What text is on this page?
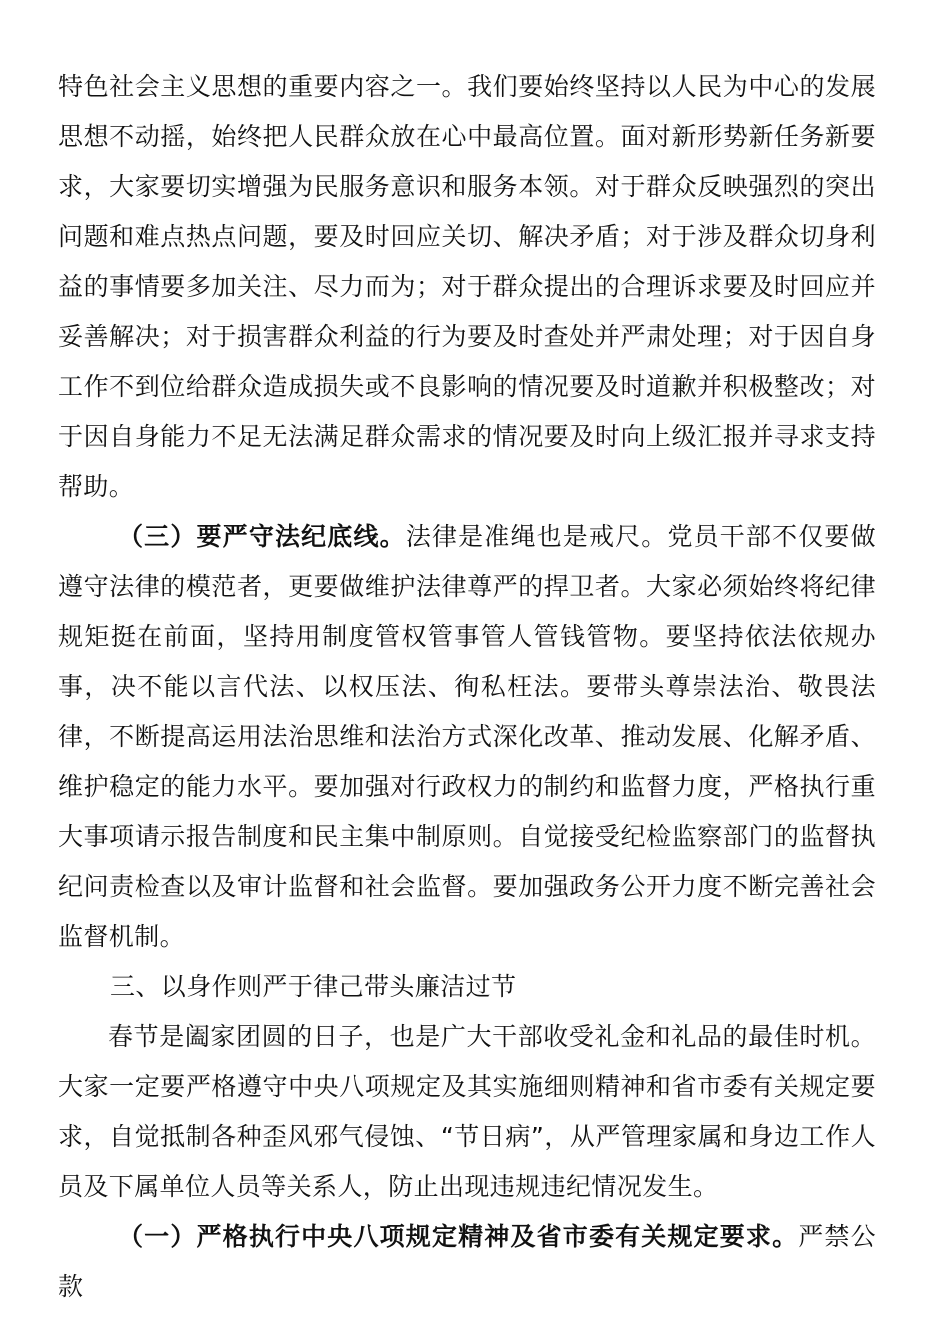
特色社会主义思想的重要内容之一。我们要始终坚持以人民为中心的发展思想不动摇，始终把人民群众放在心中最高位置。面对新形势新任务新要求，大家要切实增强为民服务意识和服务本领。对于群众反映强烈的突出问题和难点热点问题，要及时回应关切、解决矛盾；对于涉及群众切身利益的事情要多加关注、尽力而为；对于群众提出的合理诉求要及时回应并妥善解决；对于损害群众利益的行为要及时查处并严肃处理；对于因自身工作不到位给群众造成损失或不良影响的情况要及时道歉并积极整改；对于因自身能力不足无法满足群众需求的情况要及时向上级汇报并寻求支持帮助。

（三）要严守法纪底线。法律是准绳也是戒尺。党员干部不仅要做遵守法律的模范者，更要做维护法律尊严的捍卫者。大家必须始终将纪律规矩挺在前面，坚持用制度管权管事管人管钱管物。要坚持依法依规办事，决不能以言代法、以权压法、徇私枉法。要带头尊崇法治、敬畏法律，不断提高运用法治思维和法治方式深化改革、推动发展、化解矛盾、维护稳定的能力水平。要加强对行政权力的制约和监督力度，严格执行重大事项请示报告制度和民主集中制原则。自觉接受纪检监察部门的监督执纪问责检查以及审计监督和社会监督。要加强政务公开力度不断完善社会监督机制。

三、以身作则严于律己带头廉洁过节

春节是阖家团圆的日子，也是广大干部收受礼金和礼品的最佳时机。大家一定要严格遵守中央八项规定及其实施细则精神和省市委有关规定要求，自觉抵制各种歪风邪气侵蚀、“节日病”，从严管理家属和身边工作人员及下属单位人员等关系人，防止出现违规违纪情况发生。

（一）严格执行中央八项规定精神及省市委有关规定要求。严禁公款
